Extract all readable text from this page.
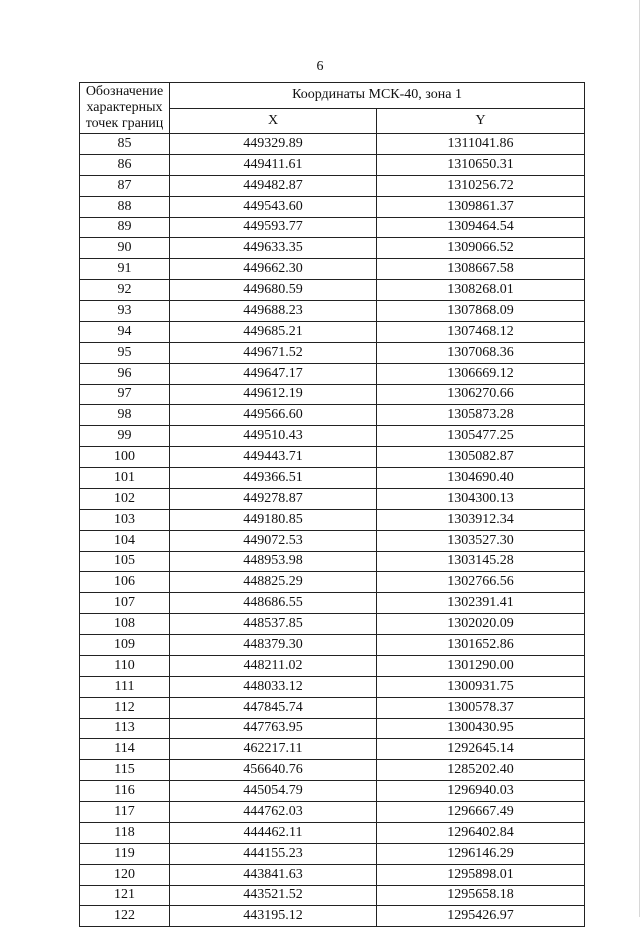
6
Обозначение характерных точек границ	Координаты МСК-40, зона 1	
	X	Y
85	449329.89	1311041.86
86	449411.61	1310650.31
87	449482.87	1310256.72
88	449543.60	1309861.37
89	449593.77	1309464.54
90	449633.35	1309066.52
91	449662.30	1308667.58
92	449680.59	1308268.01
93	449688.23	1307868.09
94	449685.21	1307468.12
95	449671.52	1307068.36
96	449647.17	1306669.12
97	449612.19	1306270.66
98	449566.60	1305873.28
99	449510.43	1305477.25
100	449443.71	1305082.87
101	449366.51	1304690.40
102	449278.87	1304300.13
103	449180.85	1303912.34
104	449072.53	1303527.30
105	448953.98	1303145.28
106	448825.29	1302766.56
107	448686.55	1302391.41
108	448537.85	1302020.09
109	448379.30	1301652.86
110	448211.02	1301290.00
111	448033.12	1300931.75
112	447845.74	1300578.37
113	447763.95	1300430.95
114	462217.11	1292645.14
115	456640.76	1285202.40
116	445054.79	1296940.03
117	444762.03	1296667.49
118	444462.11	1296402.84
119	444155.23	1296146.29
120	443841.63	1295898.01
121	443521.52	1295658.18
122	443195.12	1295426.97
